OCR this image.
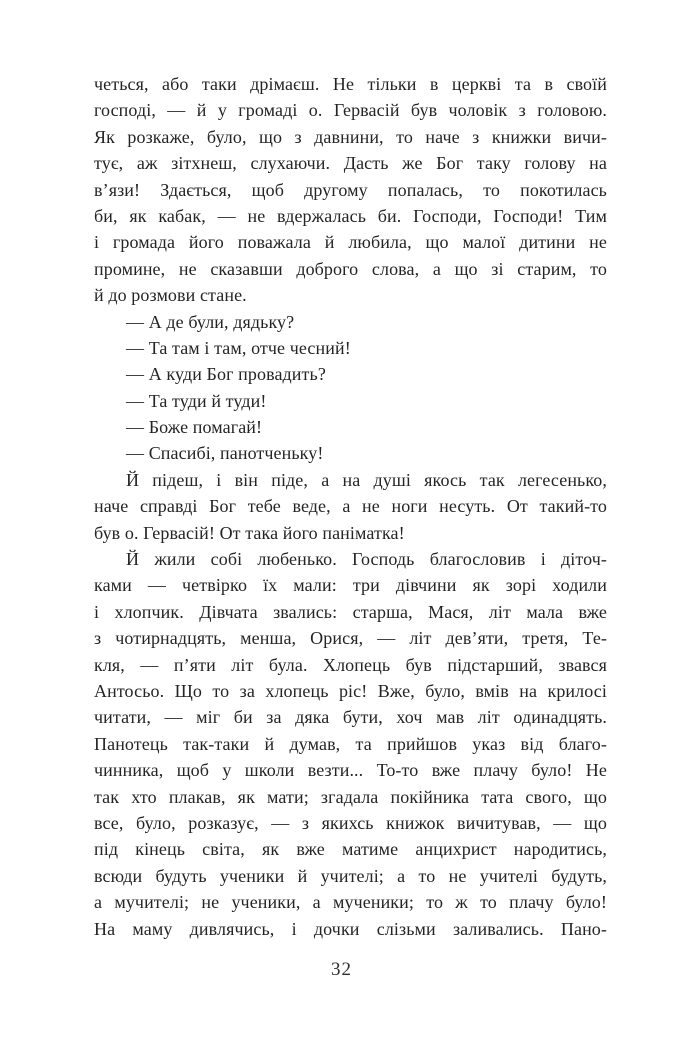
четься, або таки дрімаєш. Не тільки в церкві та в своїй
господі, — й у громаді о. Гервасій був чоловік з головою.
Як розкаже, було, що з давнини, то наче з книжки вичи-
тує, аж зітхнеш, слухаючи. Дасть же Бог таку голову на
в’язи! Здається, щоб другому попалась, то покотилась
би, як кабак, — не вдержалась би. Господи, Господи! Тим
і громада його поважала й любила, що малої дитини не
промине, не сказавши доброго слова, а що зі старим, то
й до розмови стане.
— А де були, дядьку?
— Та там і там, отче чесний!
— А куди Бог провадить?
— Та туди й туди!
— Боже помагай!
— Спасибі, панотченьку!
Й підеш, і він піде, а на душі якось так легесенько,
наче справді Бог тебе веде, а не ноги несуть. От такий-то
був о. Гервасій! От така його паніматка!
Й жили собі любенько. Господь благословив і діточ-
ками — четвірко їх мали: три дівчини як зорі ходили
і хлопчик. Дівчата звались: старша, Мася, літ мала вже
з чотирнадцять, менша, Орися, — літ дев’яти, третя, Те-
кля, — п’яти літ була. Хлопець був підстарший, звався
Антосьо. Що то за хлопець ріс! Вже, було, вмів на крилосі
читати, — міг би за дяка бути, хоч мав літ одинадцять.
Панотець так-таки й думав, та прийшов указ від благо-
чинника, щоб у школи везти... То-то вже плачу було! Не
так хто плакав, як мати; згадала покійника тата свого, що
все, було, розказує, — з якихсь книжок вичитував, — що
під кінець світа, як вже матиме анцихрист народитись,
всюди будуть ученики й учителі; а то не учителі будуть,
а мучителі; не ученики, а мученики; то ж то плачу було!
На маму дивлячись, і дочки слізьми заливались. Пано-
32
